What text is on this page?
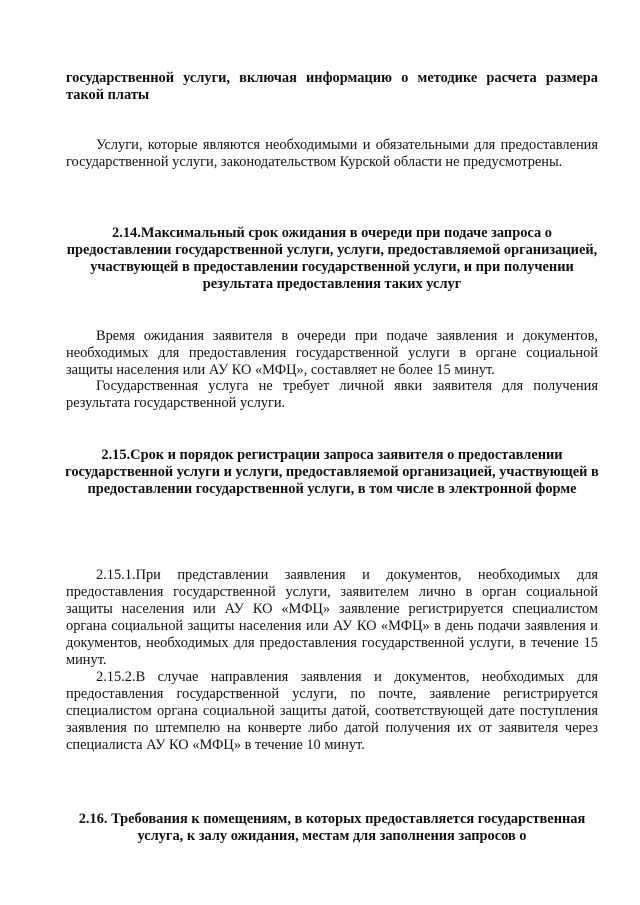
государственной услуги, включая информацию о методике расчета размера такой платы
Услуги, которые являются необходимыми и обязательными для предоставления государственной услуги, законодательством Курской области не предусмотрены.
2.14.Максимальный срок ожидания в очереди при подаче запроса о предоставлении государственной услуги, услуги, предоставляемой организацией, участвующей в предоставлении государственной услуги, и при получении результата предоставления таких услуг
Время ожидания заявителя в очереди при подаче заявления и документов, необходимых для предоставления государственной услуги в органе социальной защиты населения или АУ КО «МФЦ», составляет не более 15 минут.
Государственная услуга не требует личной явки заявителя для получения результата государственной услуги.
2.15.Срок и порядок регистрации запроса заявителя о предоставлении государственной услуги и услуги, предоставляемой организацией, участвующей в предоставлении государственной услуги, в том числе в электронной форме
2.15.1.При представлении заявления и документов, необходимых для предоставления государственной услуги, заявителем лично в орган социальной защиты населения или АУ КО «МФЦ» заявление регистрируется специалистом органа социальной защиты населения или АУ КО «МФЦ» в день подачи заявления и документов, необходимых для предоставления государственной услуги, в течение 15 минут.
2.15.2.В случае направления заявления и документов, необходимых для предоставления государственной услуги, по почте, заявление регистрируется специалистом органа социальной защиты датой, соответствующей дате поступления заявления по штемпелю на конверте либо датой получения их от заявителя через специалиста АУ КО «МФЦ» в течение 10 минут.
2.16. Требования к помещениям, в которых предоставляется государственная услуга, к залу ожидания, местам для заполнения запросов о
